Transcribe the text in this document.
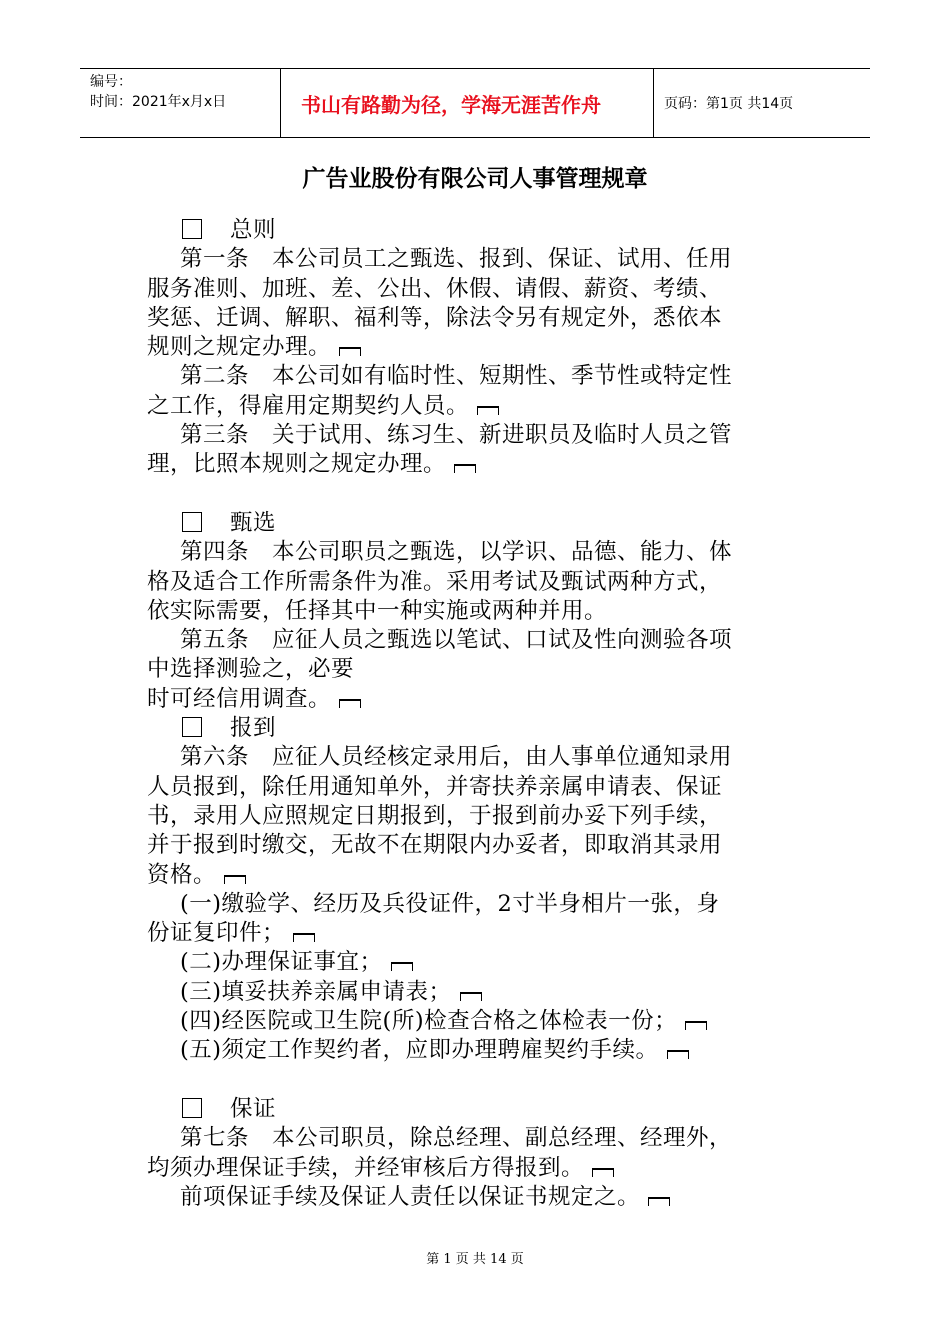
编号：
时间：2021年x月x日	书山有路勤为径，学海无涯苦作舟	页码：第1页 共14页
广告业股份有限公司人事管理规章
总则
第一条　本公司员工之甄选、报到、保证、试用、任用
服务准则、加班、差、公出、休假、请假、薪资、考绩、
奖惩、迁调、解职、福利等，除法令另有规定外，悉依本
规则之规定办理。
第二条　本公司如有临时性、短期性、季节性或特定性
之工作，得雇用定期契约人员。
第三条　关于试用、练习生、新进职员及临时人员之管
理，比照本规则之规定办理。
甄选
第四条　本公司职员之甄选，以学识、品德、能力、体
格及适合工作所需条件为准。采用考试及甄试两种方式，
依实际需要，任择其中一种实施或两种并用。
第五条　应征人员之甄选以笔试、口试及性向测验各项
中选择测验之，必要
时可经信用调查。
报到
第六条　应征人员经核定录用后，由人事单位通知录用
人员报到，除任用通知单外，并寄扶养亲属申请表、保证
书，录用人应照规定日期报到，于报到前办妥下列手续，
并于报到时缴交，无故不在期限内办妥者，即取消其录用
资格。
(一)缴验学、经历及兵役证件，2寸半身相片一张，身
份证复印件；
(二)办理保证事宜；
(三)填妥扶养亲属申请表；
(四)经医院或卫生院(所)检查合格之体检表一份；
(五)须定工作契约者，应即办理聘雇契约手续。
保证
第七条　本公司职员，除总经理、副总经理、经理外，
均须办理保证手续，并经审核后方得报到。
前项保证手续及保证人责任以保证书规定之。
第 1 页 共 14 页
